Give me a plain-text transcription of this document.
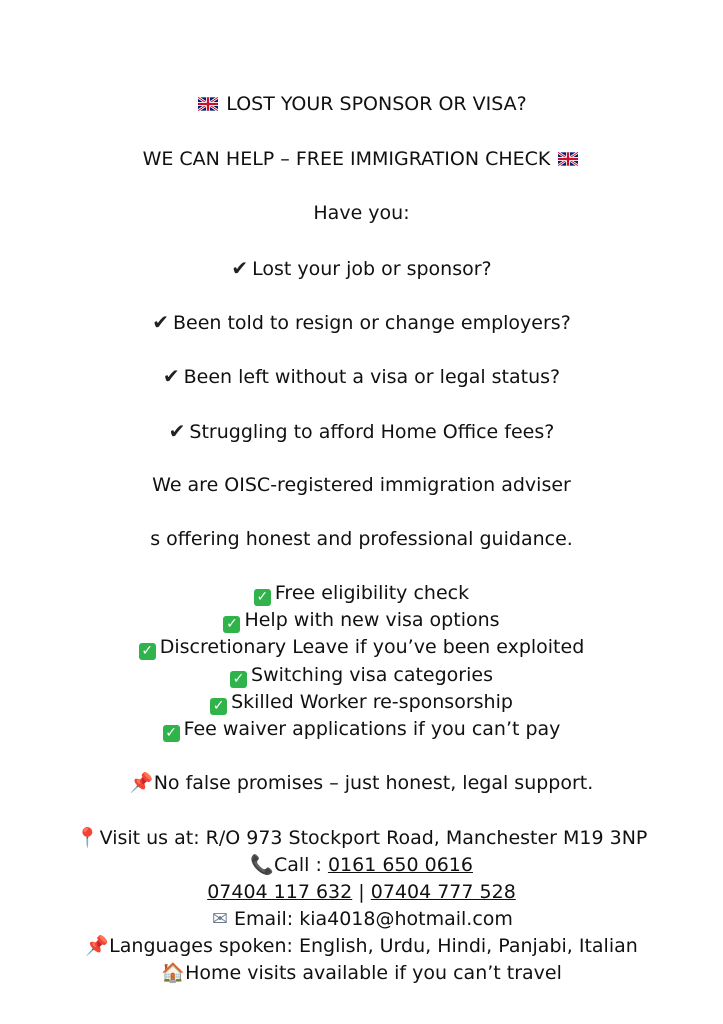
LOST YOUR SPONSOR OR VISA?
WE CAN HELP – FREE IMMIGRATION CHECK
Have you:
✔ Lost your job or sponsor?
✔ Been told to resign or change employers?
✔ Been left without a visa or legal status?
✔ Struggling to afford Home Office fees?
We are OISC-registered immigration adviser
s offering honest and professional guidance.
✓ Free eligibility check
✓ Help with new visa options
✓ Discretionary Leave if you’ve been exploited
✓ Switching visa categories
✓ Skilled Worker re-sponsorship
✓ Fee waiver applications if you can’t pay
📌No false promises – just honest, legal support.
📍Visit us at: R/O 973 Stockport Road, Manchester M19 3NP
📞Call : 0161 650 0616
07404 117 632 | 07404 777 528
✉ Email: kia4018@hotmail.com
📌Languages spoken: English, Urdu, Hindi, Panjabi, Italian
🏠Home visits available if you can’t travel
